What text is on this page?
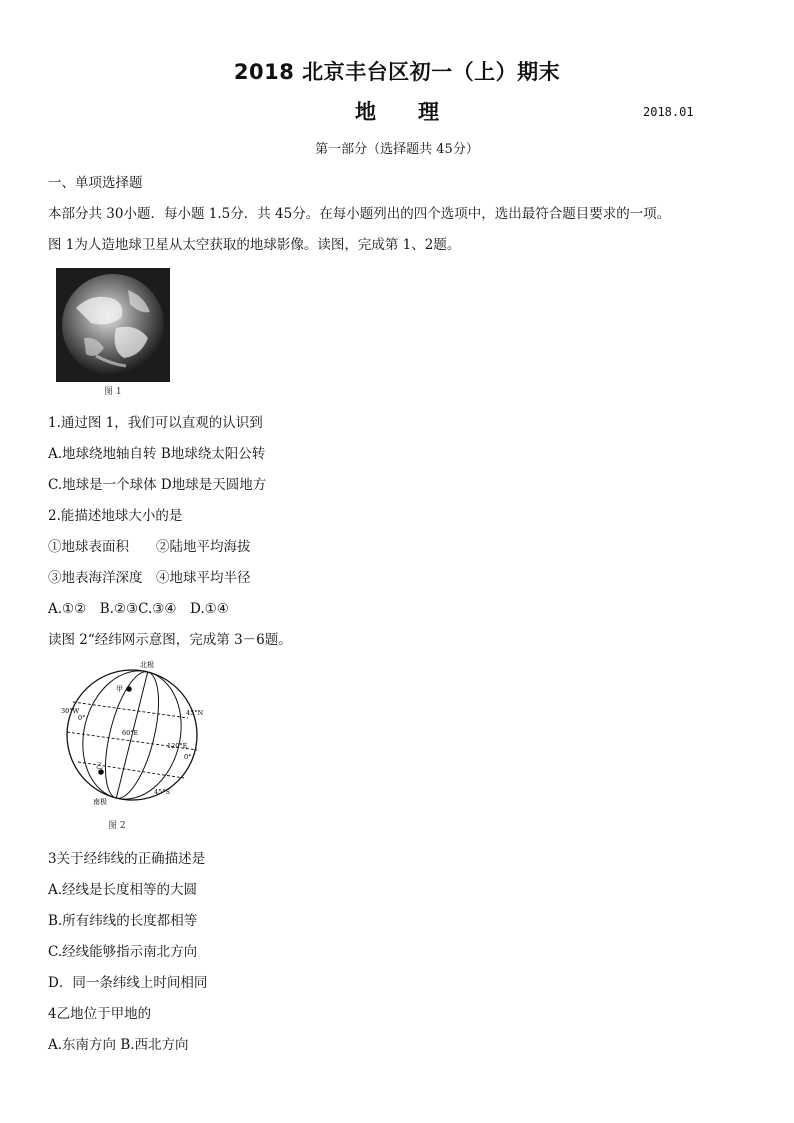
2018 北京丰台区初一（上）期末
地 理	2018.01
第一部分（选择题共 45分）
一、单项选择题
本部分共 30小题．每小题 1.5分．共 45分。在每小题列出的四个选项中，选出最符合题目要求的一项。
图 1为人造地球卫星从太空获取的地球影像。读图，完成第 1、2题。
图 1
1.通过图 1，我们可以直观的认识到
A.地球绕地轴自转 B地球绕太阳公转
C.地球是一个球体 D地球是天圆地方
2.能描述地球大小的是
①地球表面积　　②陆地平均海拔
③地表海洋深度　④地球平均半径
A.①②　B.②③C.③④　D.①④
读图 2“经纬网示意图，完成第 3－6题。
北极
南极
甲
乙
45°N
45°S
30°W
0°
60°E
120°E
0°
图 2
3关于经纬线的正确描述是
A.经线是长度相等的大圆
B.所有纬线的长度都相等
C.经线能够指示南北方向
D．同一条纬线上时间相同
4乙地位于甲地的
A.东南方向 B.西北方向
